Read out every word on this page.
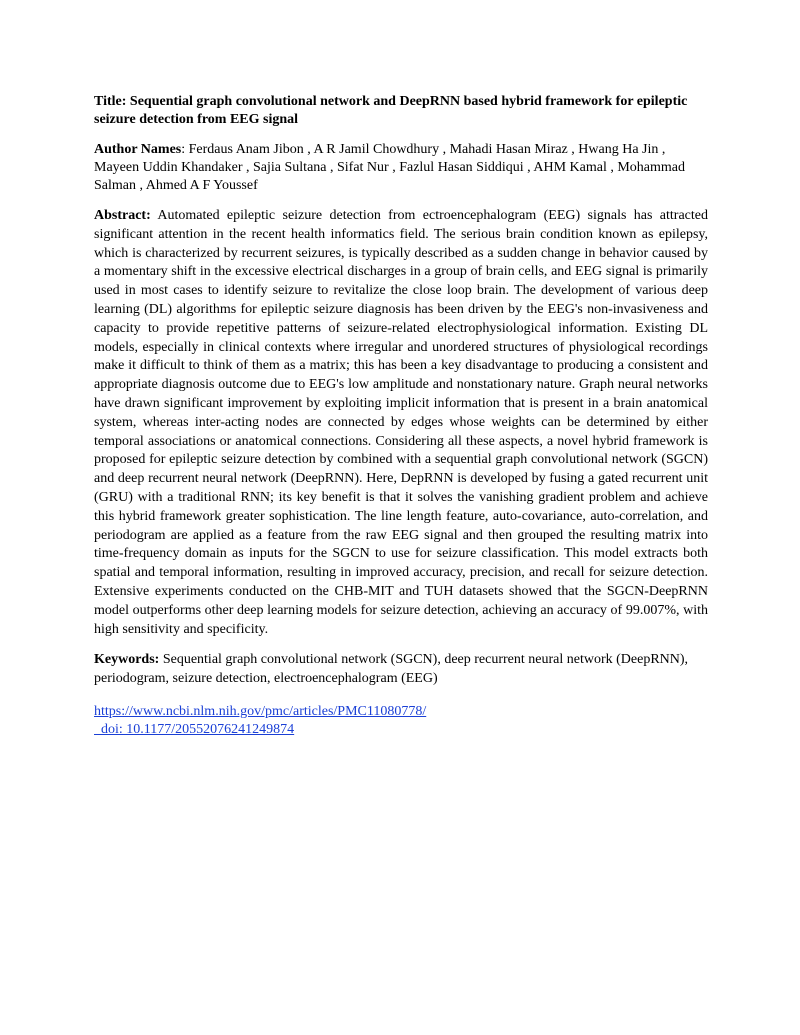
Title: Sequential graph convolutional network and DeepRNN based hybrid framework for epileptic seizure detection from EEG signal

Author Names: Ferdaus Anam Jibon , A R Jamil Chowdhury , Mahadi Hasan Miraz , Hwang Ha Jin , Mayeen Uddin Khandaker , Sajia Sultana , Sifat Nur , Fazlul Hasan Siddiqui , AHM Kamal , Mohammad Salman , Ahmed A F Youssef

Abstract: Automated epileptic seizure detection from ectroencephalogram (EEG) signals has attracted significant attention in the recent health informatics field. The serious brain condition known as epilepsy, which is characterized by recurrent seizures, is typically described as a sudden change in behavior caused by a momentary shift in the excessive electrical discharges in a group of brain cells, and EEG signal is primarily used in most cases to identify seizure to revitalize the close loop brain. The development of various deep learning (DL) algorithms for epileptic seizure diagnosis has been driven by the EEG's non-invasiveness and capacity to provide repetitive patterns of seizure-related electrophysiological information. Existing DL models, especially in clinical contexts where irregular and unordered structures of physiological recordings make it difficult to think of them as a matrix; this has been a key disadvantage to producing a consistent and appropriate diagnosis outcome due to EEG's low amplitude and nonstationary nature. Graph neural networks have drawn significant improvement by exploiting implicit information that is present in a brain anatomical system, whereas inter-acting nodes are connected by edges whose weights can be determined by either temporal associations or anatomical connections. Considering all these aspects, a novel hybrid framework is proposed for epileptic seizure detection by combined with a sequential graph convolutional network (SGCN) and deep recurrent neural network (DeepRNN). Here, DepRNN is developed by fusing a gated recurrent unit (GRU) with a traditional RNN; its key benefit is that it solves the vanishing gradient problem and achieve this hybrid framework greater sophistication. The line length feature, auto-covariance, auto-correlation, and periodogram are applied as a feature from the raw EEG signal and then grouped the resulting matrix into time-frequency domain as inputs for the SGCN to use for seizure classification. This model extracts both spatial and temporal information, resulting in improved accuracy, precision, and recall for seizure detection. Extensive experiments conducted on the CHB-MIT and TUH datasets showed that the SGCN-DeepRNN model outperforms other deep learning models for seizure detection, achieving an accuracy of 99.007%, with high sensitivity and specificity.

Keywords: Sequential graph convolutional network (SGCN), deep recurrent neural network (DeepRNN), periodogram, seizure detection, electroencephalogram (EEG)

https://www.ncbi.nlm.nih.gov/pmc/articles/PMC11080778/
doi: 10.1177/20552076241249874
